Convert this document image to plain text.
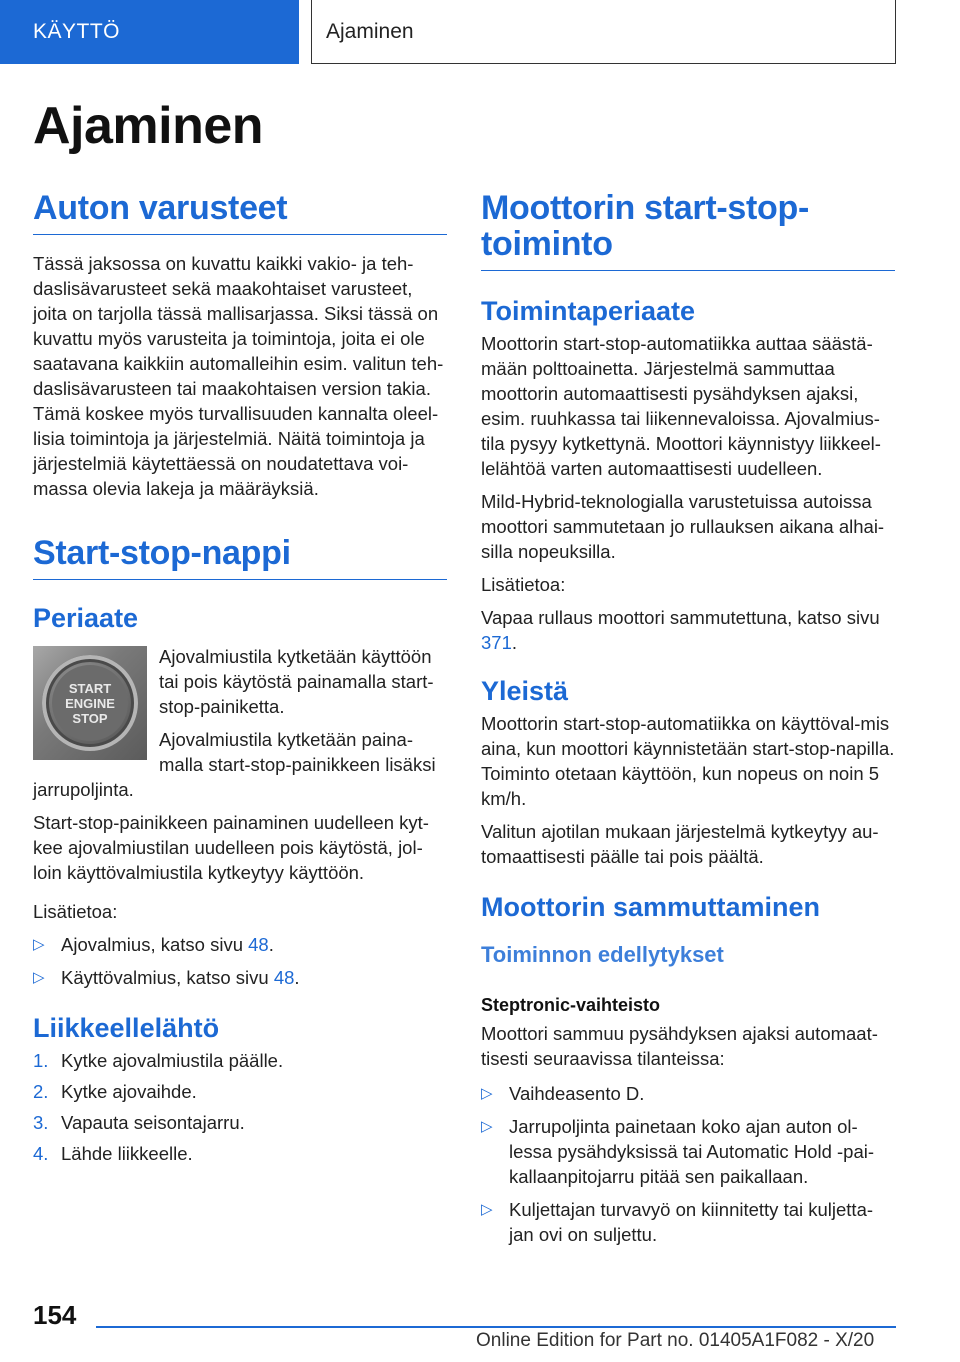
KÄYTTÖ	Ajaminen
Ajaminen
Auton varusteet

Tässä jaksossa on kuvattu kaikki vakio- ja teh-daslisävarusteet sekä maakohtaiset varusteet, joita on tarjolla tässä mallisarjassa. Siksi tässä on kuvattu myös varusteita ja toimintoja, joita ei ole saatavana kaikkiin automalleihin esim. valitun teh-daslisävarusteen tai maakohtaisen version takia. Tämä koskee myös turvallisuuden kannalta oleel-lisia toimintoja ja järjestelmiä. Näitä toimintoja ja järjestelmiä käytettäessä on noudatettava voi-massa olevia lakeja ja määräyksiä.

Start-stop-nappi
Periaate
START
ENGINE
STOP

Ajovalmiustila kytketään käyttöön tai pois käytöstä painamalla start-stop-painiketta.

Ajovalmiustila kytketään paina-malla start-stop-painikkeen lisäksi jarrupoljinta.

Start-stop-painikkeen painaminen uudelleen kyt-kee ajovalmiustilan uudelleen pois käytöstä, jol-loin käyttövalmiustila kytkeytyy käyttöön.

Lisätietoa:

▷ Ajovalmius, katso sivu 48.
▷ Käyttövalmius, katso sivu 48.
Liikkeellelähtö
1. Kytke ajovalmiustila päälle.
2. Kytke ajovaihde.
3. Vapauta seisontajarru.
4. Lähde liikkeelle.
Moottorin start-stop-toiminto
Toimintaperiaate

Moottorin start-stop-automatiikka auttaa säästä-mään polttoainetta. Järjestelmä sammuttaa moottorin automaattisesti pysähdyksen ajaksi, esim. ruuhkassa tai liikennevaloissa. Ajovalmius-tila pysyy kytkettynä. Moottori käynnistyy liikkeel-lelähtöä varten automaattisesti uudelleen.

Mild-Hybrid-teknologialla varustetuissa autoissa moottori sammutetaan jo rullauksen aikana alhai-silla nopeuksilla.

Lisätietoa:

Vapaa rullaus moottori sammutettuna, katso sivu 371.

Yleistä

Moottorin start-stop-automatiikka on käyttöval-mis aina, kun moottori käynnistetään start-stop-napilla. Toiminto otetaan käyttöön, kun nopeus on noin 5 km/h.

Valitun ajotilan mukaan järjestelmä kytkeytyy au-tomaattisesti päälle tai pois päältä.

Moottorin sammuttaminen
Toiminnon edellytykset
Steptronic-vaihteisto

Moottori sammuu pysähdyksen ajaksi automaat-tisesti seuraavissa tilanteissa:

▷ Vaihdeasento D.
▷ Jarrupoljinta painetaan koko ajan auton ol-lessa pysähdyksissä tai Automatic Hold -pai-kallaanpitojarru pitää sen paikallaan.
▷ Kuljettajan turvavyö on kiinnitetty tai kuljetta-jan ovi on suljettu.
154
Online Edition for Part no. 01405A1F082 - X/20
